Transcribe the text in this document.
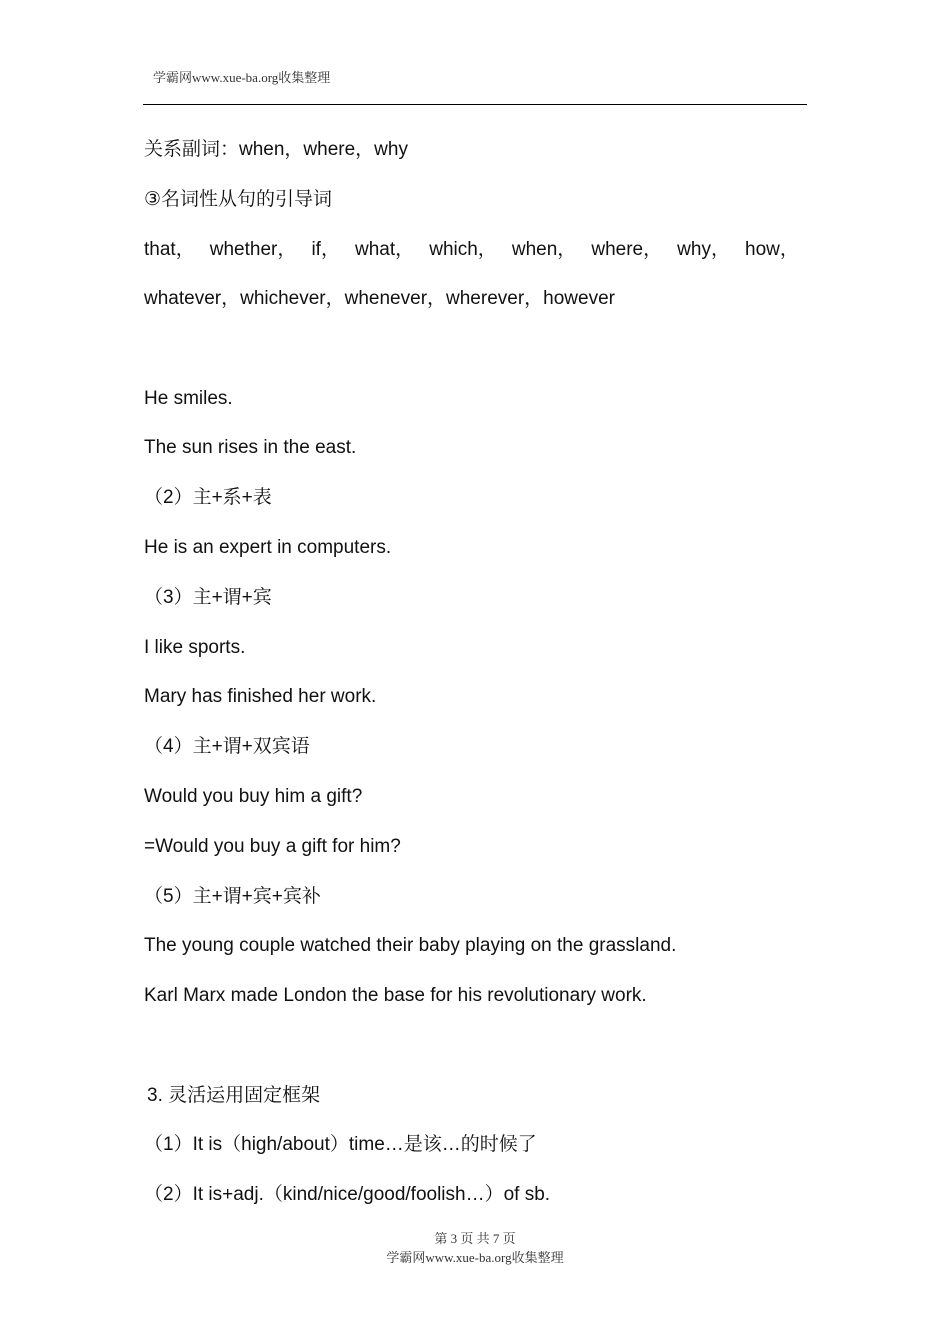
学霸网www.xue-ba.org收集整理
关系副词：when，where，why
③名词性从句的引导词
that， whether， if， what， which， when， where， why， how，
whatever，whichever，whenever，wherever，however
He smiles.
The sun rises in the east.
（2）主+系+表
He is an expert in computers.
（3）主+谓+宾
I like sports.
Mary has finished her work.
（4）主+谓+双宾语
Would you buy him a gift?
=Would you buy a gift for him?
（5）主+谓+宾+宾补
The young couple watched their baby playing on the grassland.
Karl Marx made London the base for his revolutionary work.
3. 灵活运用固定框架
（1）It is（high/about）time…是该…的时候了
（2）It is+adj.（kind/nice/good/foolish…）of sb.
第 3 页 共 7 页
学霸网www.xue-ba.org收集整理
